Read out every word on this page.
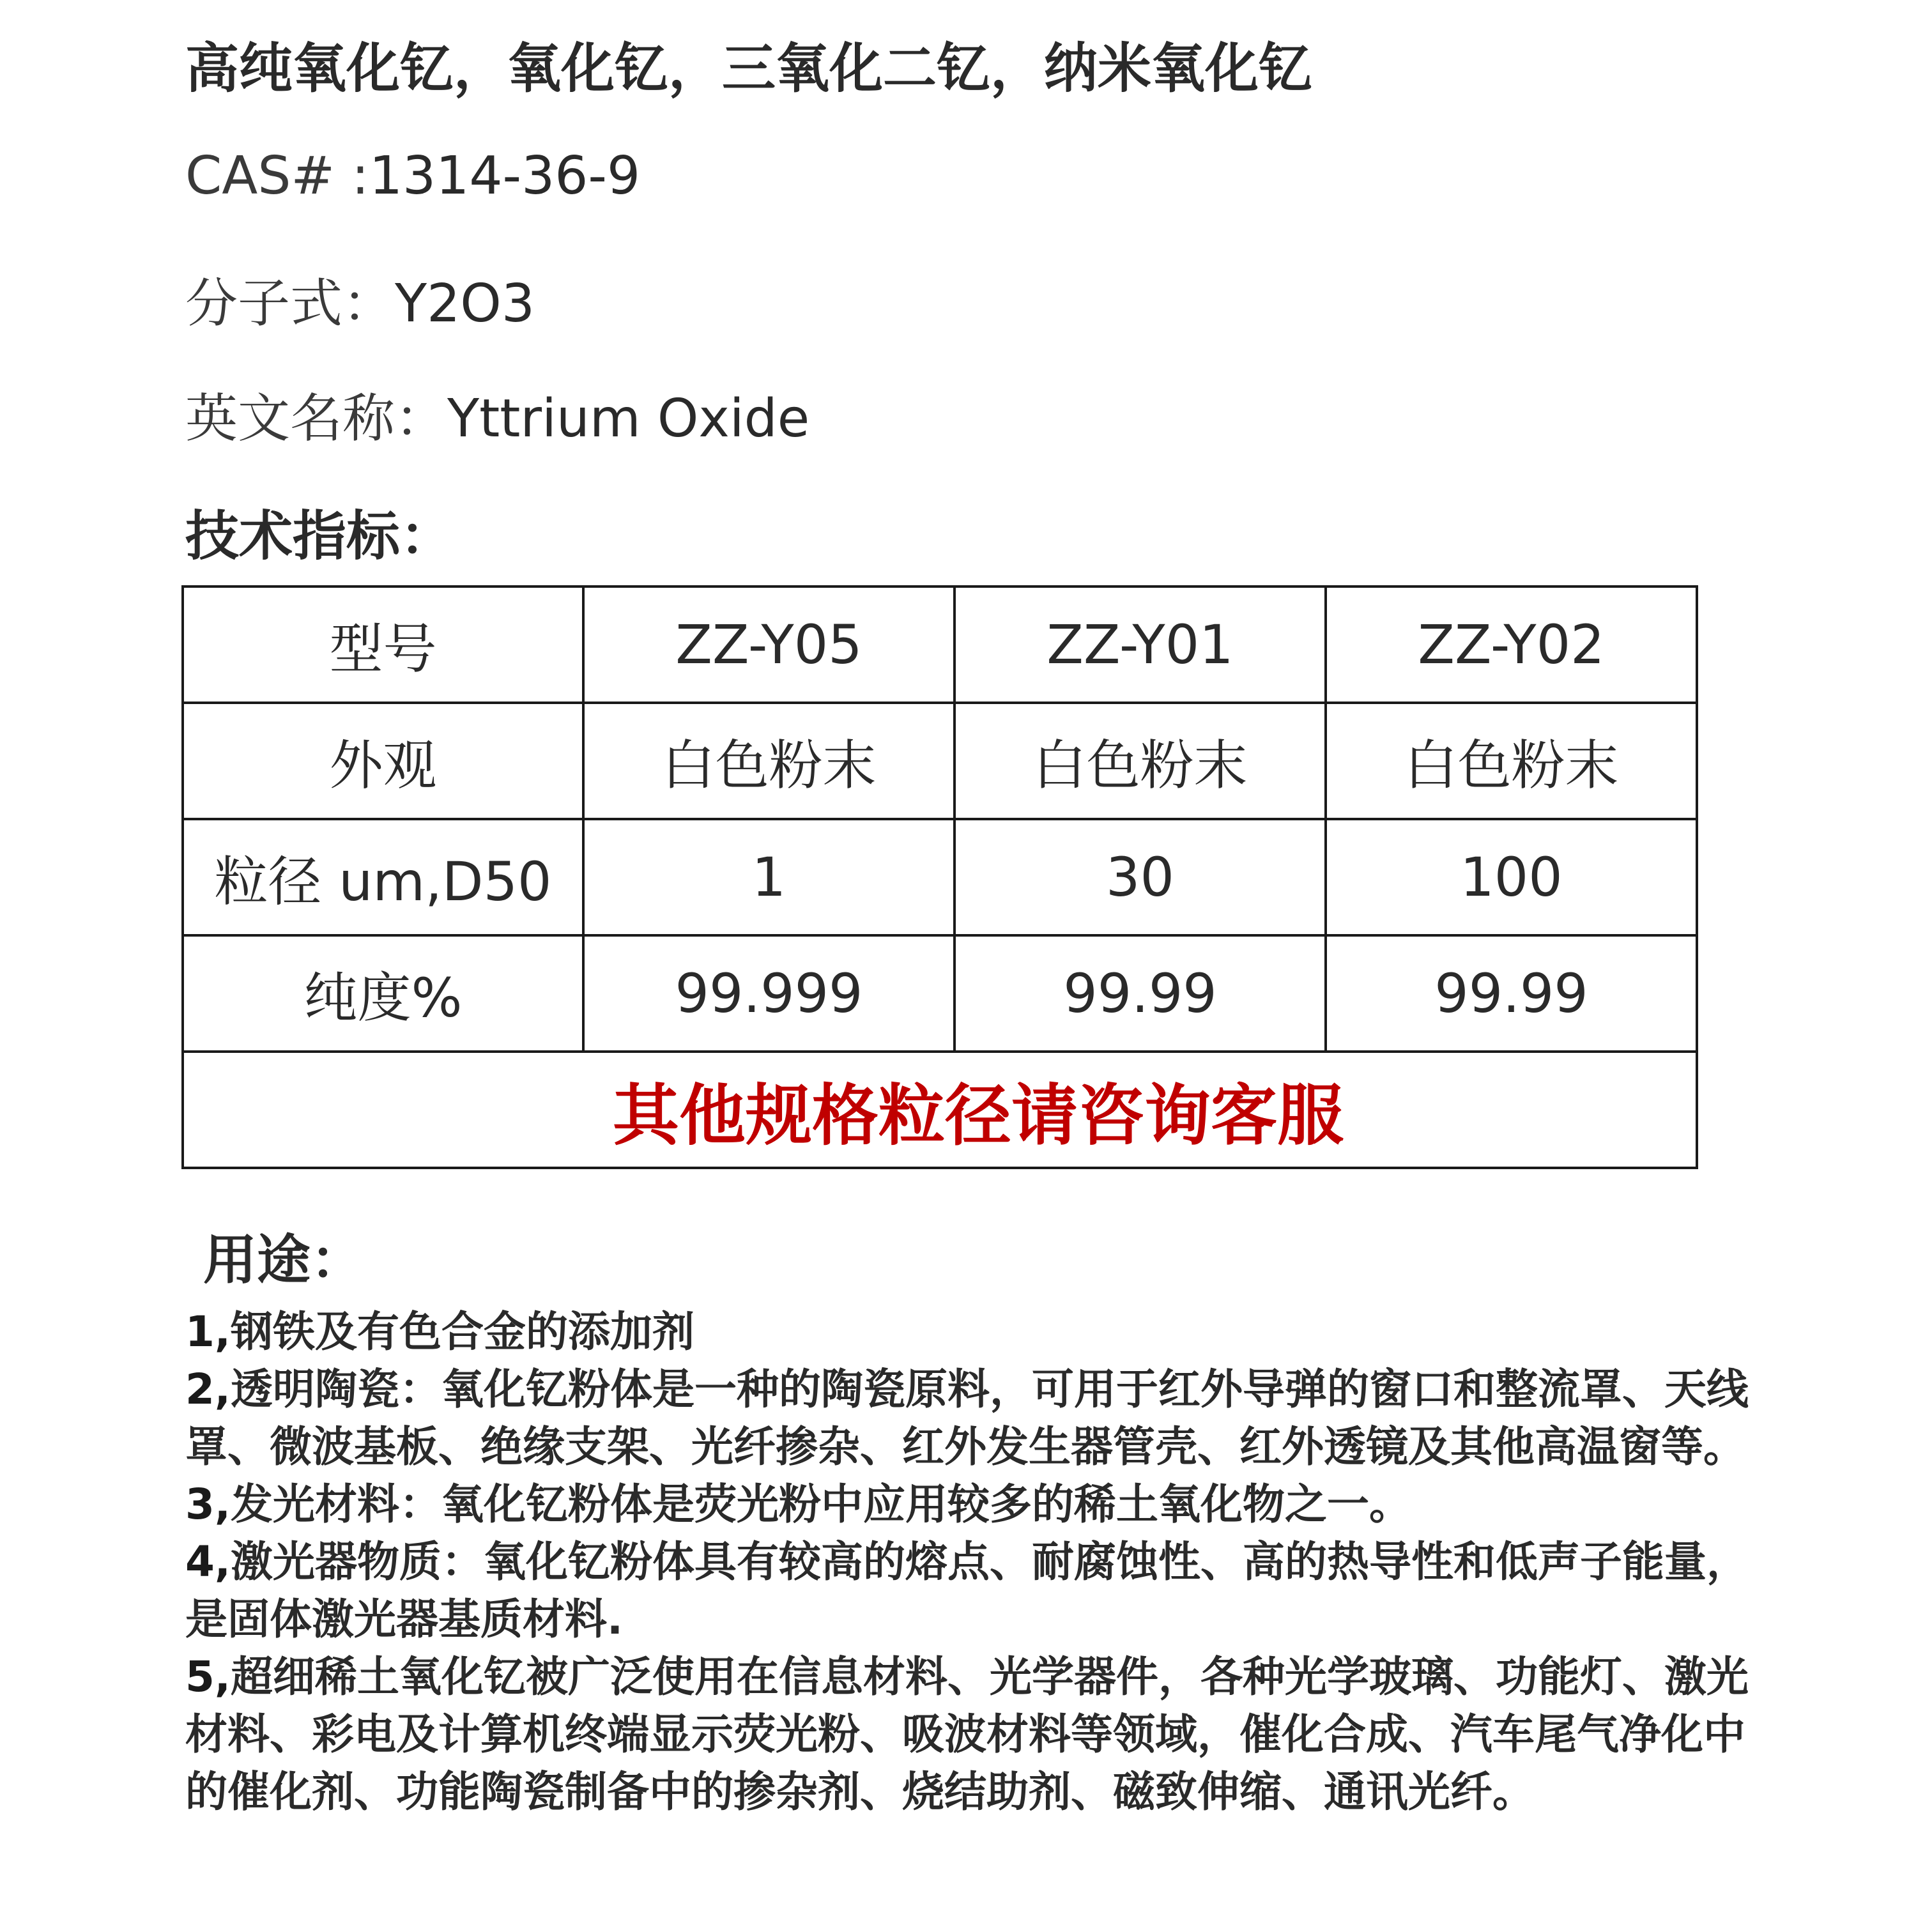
高纯氧化钇，氧化钇，三氧化二钇，纳米氧化钇
CAS# :1314-36-9
分子式：Y2O3
英文名称：Yttrium Oxide
技术指标：
型号	ZZ-Y05	ZZ-Y01	ZZ-Y02
外观	白色粉末	白色粉末	白色粉末
粒径 um,D50	1	30	100
纯度%	99.999	99.99	99.99
其他规格粒径请咨询客服			
用途：

1,钢铁及有色合金的添加剂

2,透明陶瓷：氧化钇粉体是一种的陶瓷原料，可用于红外导弹的窗口和整流罩、天线罩、微波基板、绝缘支架、光纤掺杂、红外发生器管壳、红外透镜及其他高温窗等。

3,发光材料：氧化钇粉体是荧光粉中应用较多的稀土氧化物之一。

4,激光器物质：氧化钇粉体具有较高的熔点、耐腐蚀性、高的热导性和低声子能量，是固体激光器基质材料.

5,超细稀土氧化钇被广泛使用在信息材料、光学器件，各种光学玻璃、功能灯、激光材料、彩电及计算机终端显示荧光粉、吸波材料等领域，催化合成、汽车尾气净化中的催化剂、功能陶瓷制备中的掺杂剂、烧结助剂、磁致伸缩、通讯光纤。
